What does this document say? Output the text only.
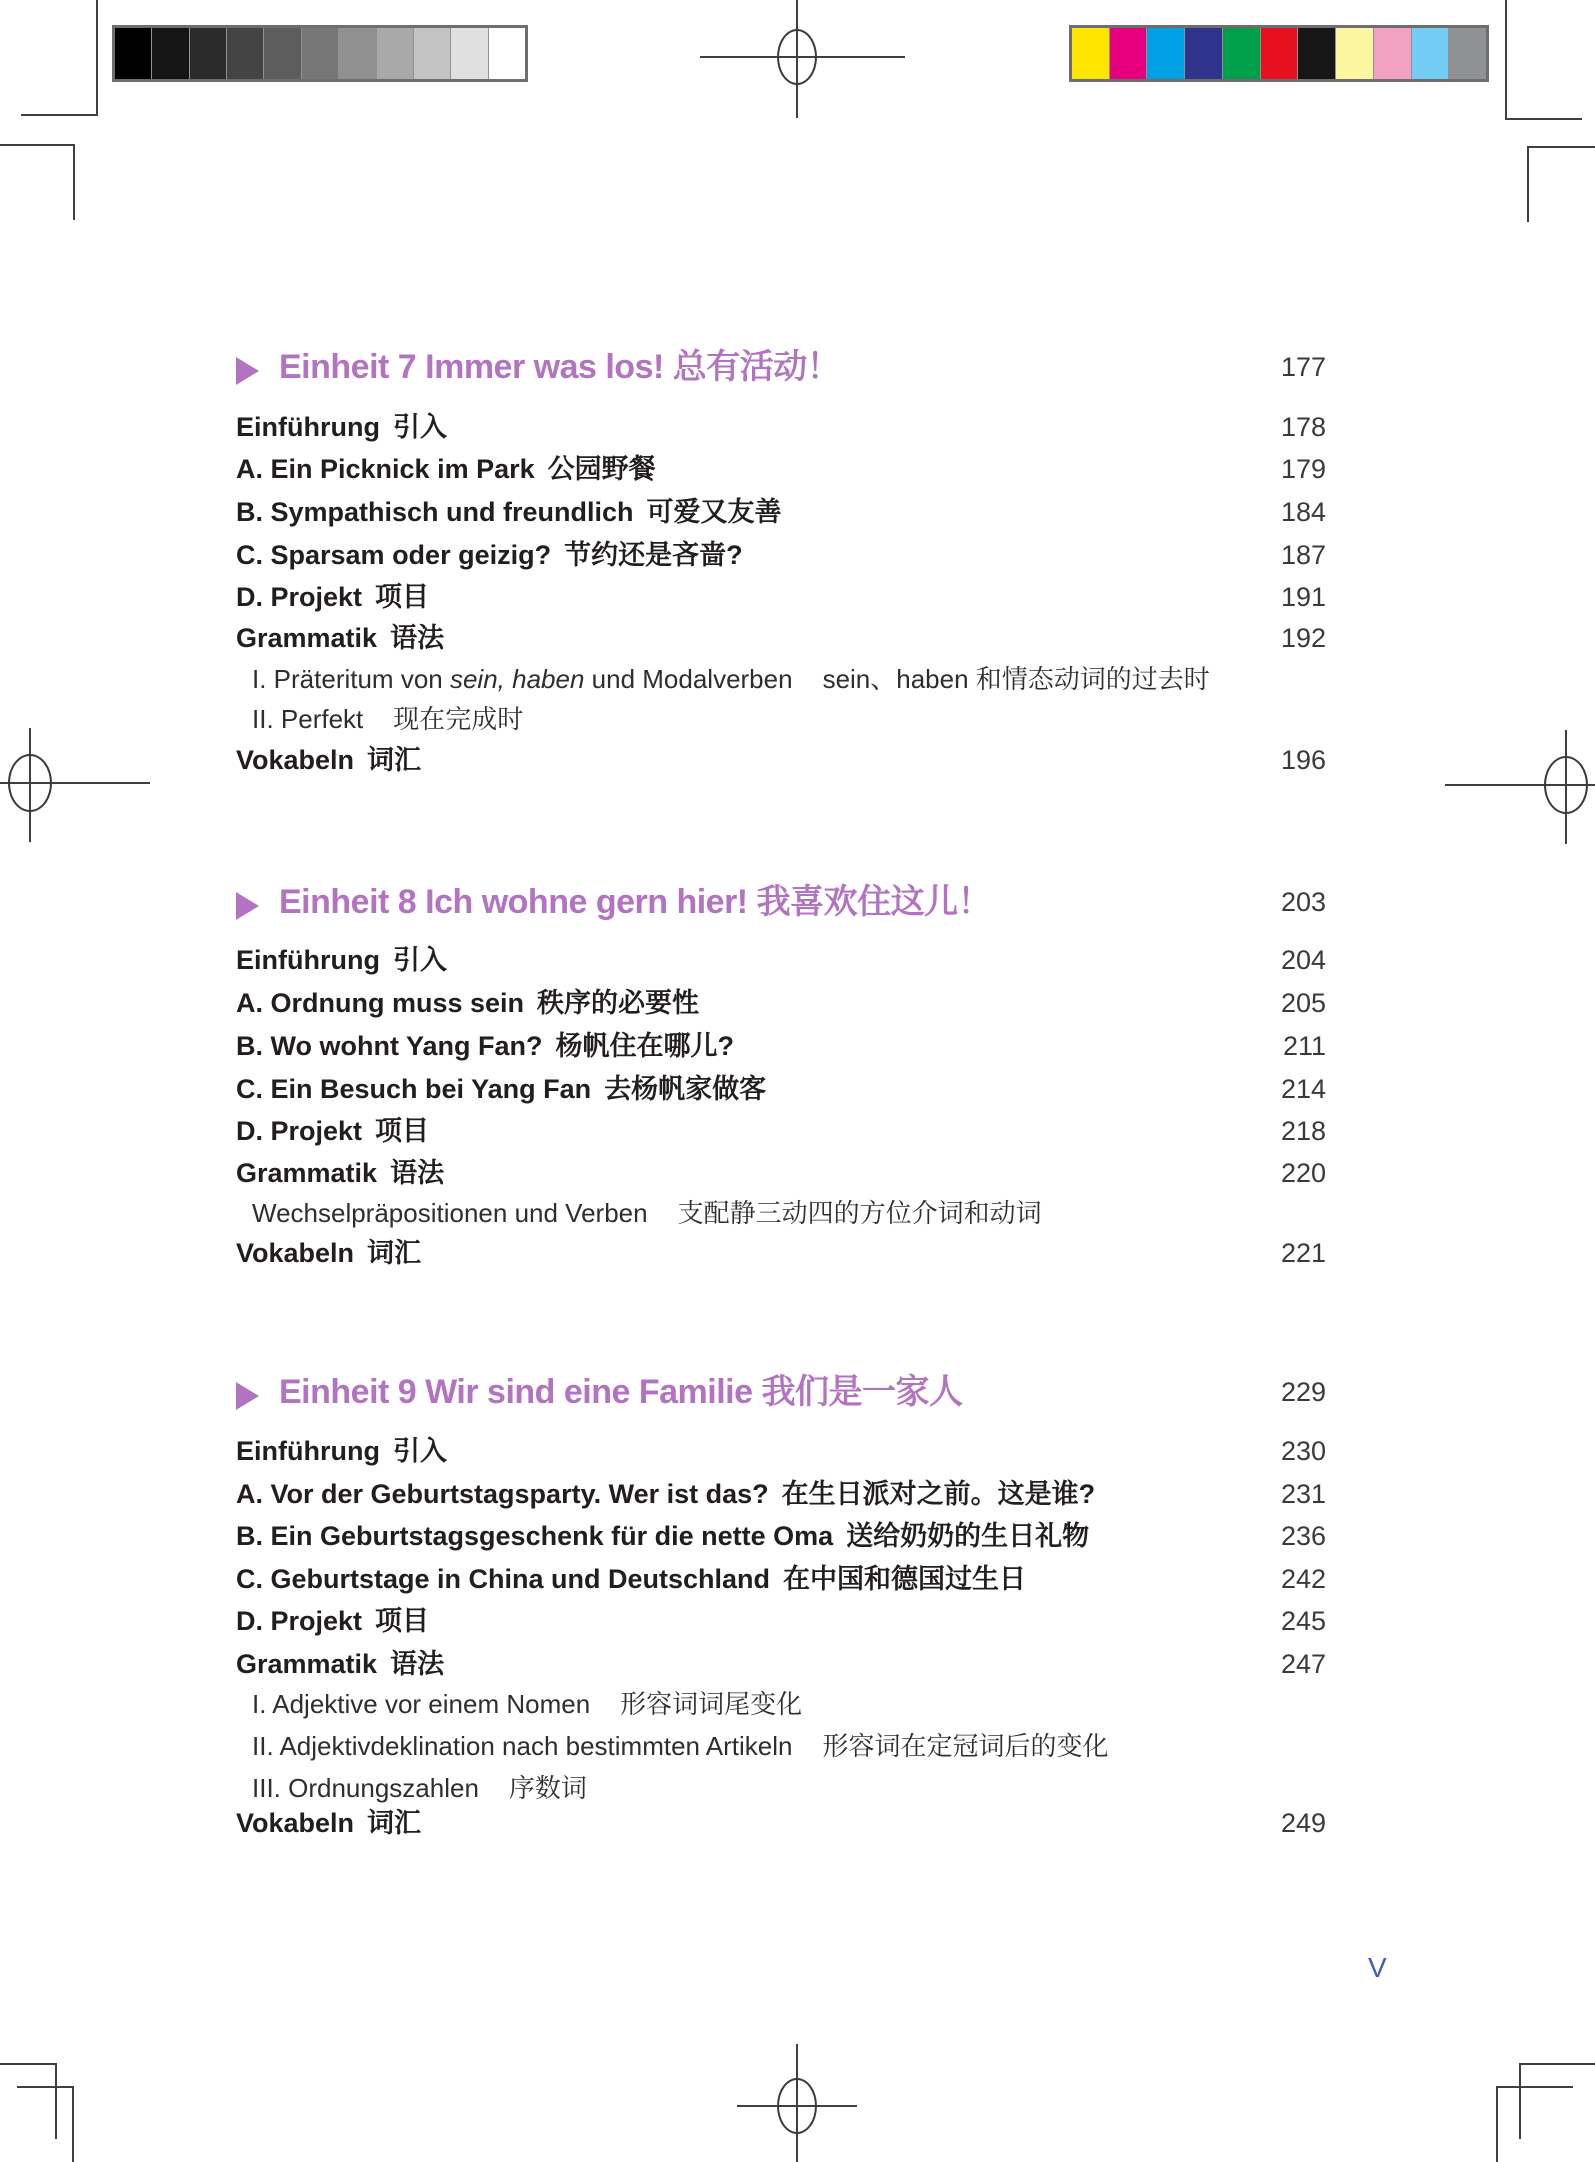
Einheit 7 Immer was los! 总有活动！	177
Einführung 引入	178
A. Ein Picknick im Park 公园野餐	179
B. Sympathisch und freundlich 可爱又友善	184
C. Sparsam oder geizig? 节约还是吝啬?	187
D. Projekt 项目	191
Grammatik 语法	192
I. Präteritum von sein, haben und Modalverben sein、haben 和情态动词的过去时
II. Perfekt 现在完成时
Vokabeln 词汇	196
Einheit 8 Ich wohne gern hier! 我喜欢住这儿！	203
Einführung 引入	204
A. Ordnung muss sein 秩序的必要性	205
B. Wo wohnt Yang Fan? 杨帆住在哪儿?	211
C. Ein Besuch bei Yang Fan 去杨帆家做客	214
D. Projekt 项目	218
Grammatik 语法	220
Wechselpräpositionen und Verben 支配静三动四的方位介词和动词
Vokabeln 词汇	221
Einheit 9 Wir sind eine Familie 我们是一家人	229
Einführung 引入	230
A. Vor der Geburtstagsparty. Wer ist das? 在生日派对之前。这是谁?	231
B. Ein Geburtstagsgeschenk für die nette Oma 送给奶奶的生日礼物	236
C. Geburtstage in China und Deutschland 在中国和德国过生日	242
D. Projekt 项目	245
Grammatik 语法	247
I. Adjektive vor einem Nomen 形容词词尾变化
II. Adjektivdeklination nach bestimmten Artikeln 形容词在定冠词后的变化
III. Ordnungszahlen 序数词
Vokabeln 词汇	249
V
